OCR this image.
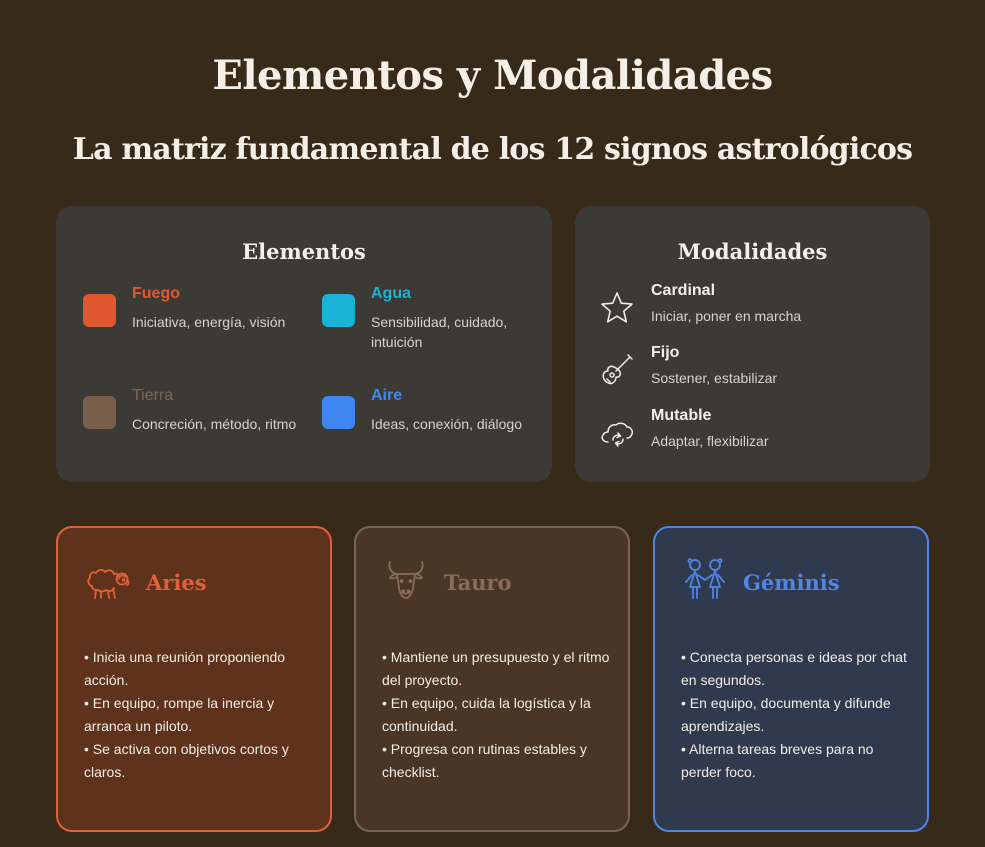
Elementos y Modalidades
La matriz fundamental de los 12 signos astrológicos
Elementos
Fuego
Iniciativa, energía, visión
Agua
Sensibilidad, cuidado, intuición
Tierra
Concreción, método, ritmo
Aire
Ideas, conexión, diálogo
Modalidades
Cardinal
Iniciar, poner en marcha
Fijo
Sostener, estabilizar
Mutable
Adaptar, flexibilizar
Aries
• Inicia una reunión proponiendo acción.
• En equipo, rompe la inercia y arranca un piloto.
• Se activa con objetivos cortos y claros.
Tauro
• Mantiene un presupuesto y el ritmo del proyecto.
• En equipo, cuida la logística y la continuidad.
• Progresa con rutinas estables y checklist.
Géminis
• Conecta personas e ideas por chat en segundos.
• En equipo, documenta y difunde aprendizajes.
• Alterna tareas breves para no perder foco.
